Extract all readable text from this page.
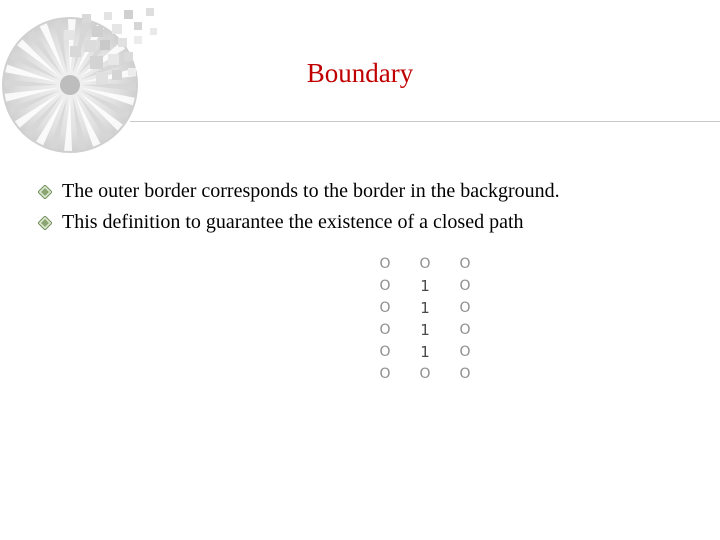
Boundary
The outer border corresponds to the border in the background.
This definition to guarantee the existence of a closed path
O	O	O
O	1	O
O	1	O
O	1	O
O	1	O
O	O	O
